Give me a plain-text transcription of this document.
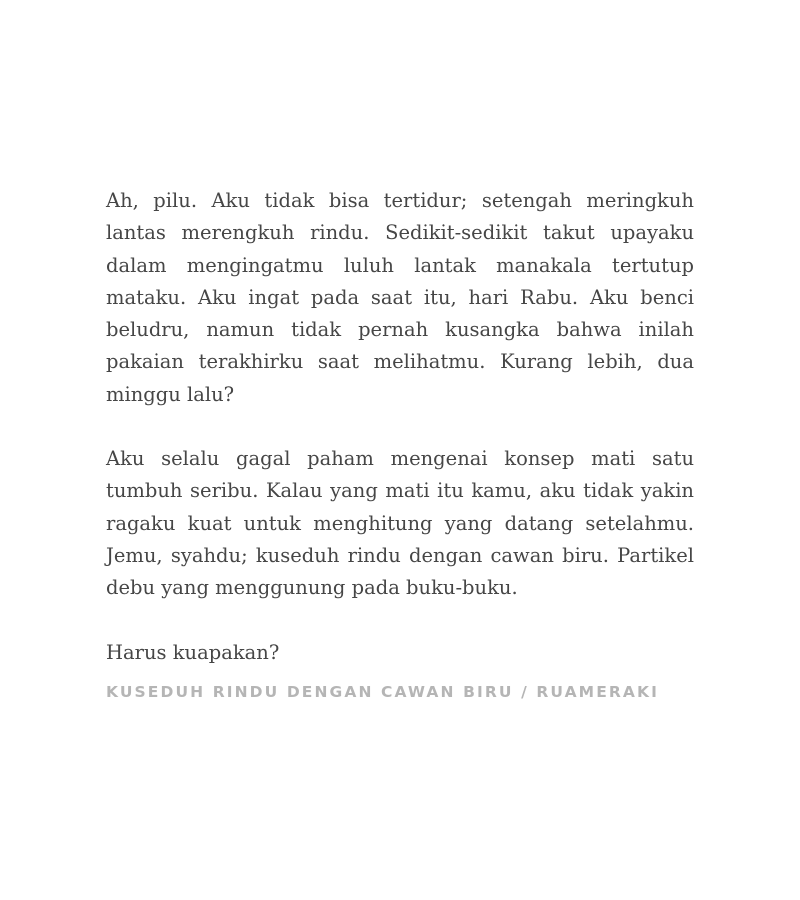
Ah, pilu. Aku tidak bisa tertidur; setengah meringkuh lantas merengkuh rindu. Sedikit-sedikit takut upayaku dalam mengingatmu luluh lantak manakala tertutup mataku. Aku ingat pada saat itu, hari Rabu. Aku benci beludru, namun tidak pernah kusangka bahwa inilah pakaian terakhirku saat melihatmu. Kurang lebih, dua minggu lalu?

Aku selalu gagal paham mengenai konsep mati satu tumbuh seribu. Kalau yang mati itu kamu, aku tidak yakin ragaku kuat untuk menghitung yang datang setelahmu. Jemu, syahdu; kuseduh rindu dengan cawan biru. Partikel debu yang menggunung pada buku-buku.

Harus kuapakan?

KUSEDUH RINDU DENGAN CAWAN BIRU / RUAMERAKI
